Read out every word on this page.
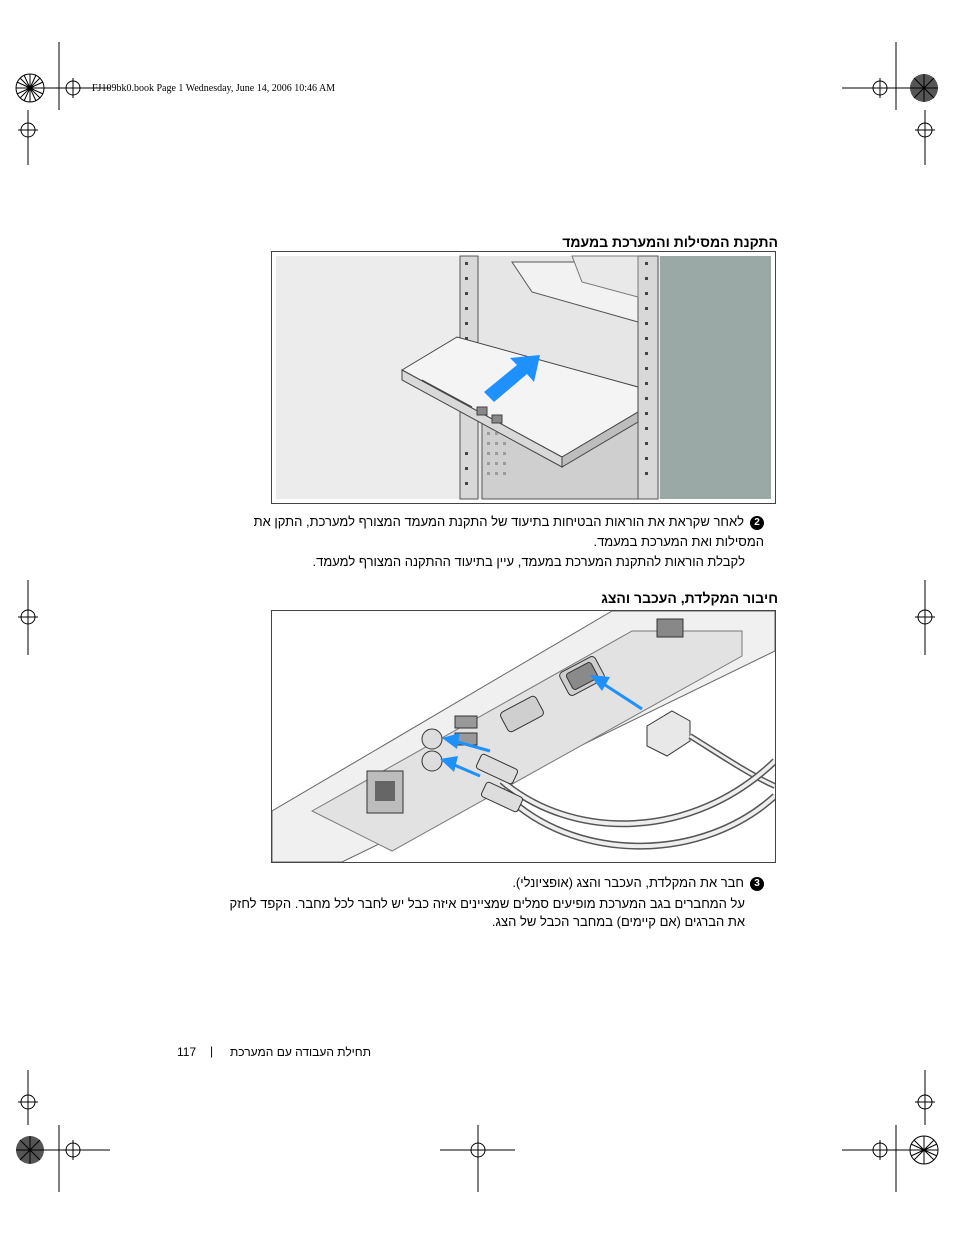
FJ109bk0.book Page 1 Wednesday, June 14, 2006 10:46 AM
התקנת המסילות והמערכת במעמד
2לאחר שקראת את הוראות הבטיחות בתיעוד של התקנת המעמד המצורף למערכת, התקן את
המסילות ואת המערכת במעמד.
לקבלת הוראות להתקנת המערכת במעמד, עיין בתיעוד ההתקנה המצורף למעמד.
חיבור המקלדת, העכבר והצג
3חבר את המקלדת, העכבר והצג (אופציונלי).
על המחברים בגב המערכת מופיעים סמלים שמציינים איזה כבל יש לחבר לכל מחבר. הקפד לחזק
את הברגים (אם קיימים) במחבר הכבל של הצג.
תחילת העבודה עם המערכת
|
117
